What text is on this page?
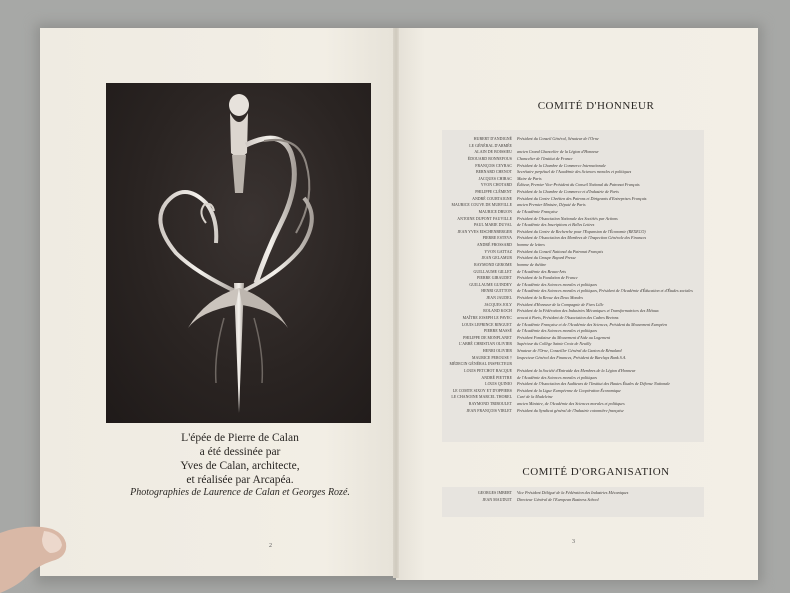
L'épée de Pierre de Calan
a été dessinée par
Yves de Calan, architecte,
et réalisée par Arcapéa.
Photographies de Laurence de Calan et Georges Rozé.
2
COMITÉ D'HONNEUR
HUBERT D'ANDIGNÉ	Président du Conseil Général, Sénateur de l'Orne
LE GÉNÉRAL D'ARMÉE
ALAIN DE BOISSIEU	ancien Grand Chancelier de la Légion d'Honneur
ÉDOUARD BONNEFOUS	Chancelier de l'Institut de France
FRANÇOIS CEYRAC	Président de la Chambre de Commerce Internationale
BERNARD CHENOT	Secrétaire perpétuel de l'Académie des Sciences morales et politiques
JACQUES CHIRAC	Maire de Paris
YVON CHOTARD	Éditeur, Premier Vice-Président du Conseil National du Patronat Français
PHILIPPE CLÉMENT	Président de la Chambre de Commerce et d'Industrie de Paris
ANDRÉ COURTAIGNE	Président du Centre Chrétien des Patrons et Dirigeants d'Entreprises Français
MAURICE COUVE DE MURVILLE	ancien Premier Ministre, Député de Paris
MAURICE DRUON	de l'Académie Française
ANTOINE DUPONT FAUVILLE	Président de l'Association Nationale des Sociétés par Actions
PAUL MARIE DUVAL	de l'Académie des Inscriptions et Belles Lettres
JEAN YVES EISCHENBERGER	Président du Centre de Recherche pour l'Expansion de l'Économie (REXECO)
PIERRE ESTEVA	Président de l'Association des Membres de l'Inspection Générale des Finances
ANDRÉ FROSSARD	homme de lettres
YVON GATTAZ	Président du Conseil National du Patronat Français
JEAN GELAMUR	Président du Groupe Bayard Presse
RAYMOND GEROME	homme de théâtre
GUILLAUME GILLET	de l'Académie des Beaux-Arts
PIERRE GIRAUDET	Président de la Fondation de France
GUILLAUME GUINDEY	de l'Académie des Sciences morales et politiques
HENRI GUITTON	de l'Académie des Sciences morales et politiques, Président de l'Académie d'Éducation et d'Études sociales
JEAN JAUDEL	Président de la Revue des Deux Mondes
JACQUES JOLY	Président d'Honneur de la Compagnie de Fives Lille
ROLAND KOCH	Président de la Fédération des Industries Mécaniques et Transformatrices des Métaux
MAÎTRE JOSEPH LE PAVEC	avocat à Paris, Président de l'Association des Cadres Bretons
LOUIS LEPRINCE RINGUET	de l'Académie Française et de l'Académie des Sciences, Président du Mouvement Européen
PIERRE MASSÉ	de l'Académie des Sciences morales et politiques
PHILIPPE DE MONPLANET	Président Fondateur du Mouvement d'Aide au Logement
L'ABBÉ CHRISTIAN OLIVIER	Supérieur du Collège Sainte Croix de Neuilly
HENRI OLIVIER	Sénateur de l'Orne, Conseiller Général du Canton de Rémalard
MAURICE PEROUSE †	Inspecteur Général des Finances, Président de Barclays Bank S.A.
MÉDECIN GÉNÉRAL INSPECTEUR
LOUIS PETCHOT BACQUE	Président de la Société d'Entraide des Membres de la Légion d'Honneur
ANDRÉ PIETTRE	de l'Académie des Sciences morales et politiques
LOUIS QUINIO	Président de l'Association des Auditeurs de l'Institut des Hautes Études de Défense Nationale
LE COMTE SIXOY ET D'OPPIERS	Président de la Ligue Européenne de Coopération Économique
LE CHANOINE MARCEL THOREL	Curé de la Madeleine
RAYMOND TRIBOULET	ancien Ministre, de l'Académie des Sciences morales et politiques
JEAN FRANÇOIS VIRLET	Président du Syndicat général de l'Industrie cotonnière française
COMITÉ D'ORGANISATION
GEORGES IMBERT	Vice Président Délégué de la Fédération des Industries Mécaniques
JEAN MAUDUIT	Directeur Général de l'European Business School
3
